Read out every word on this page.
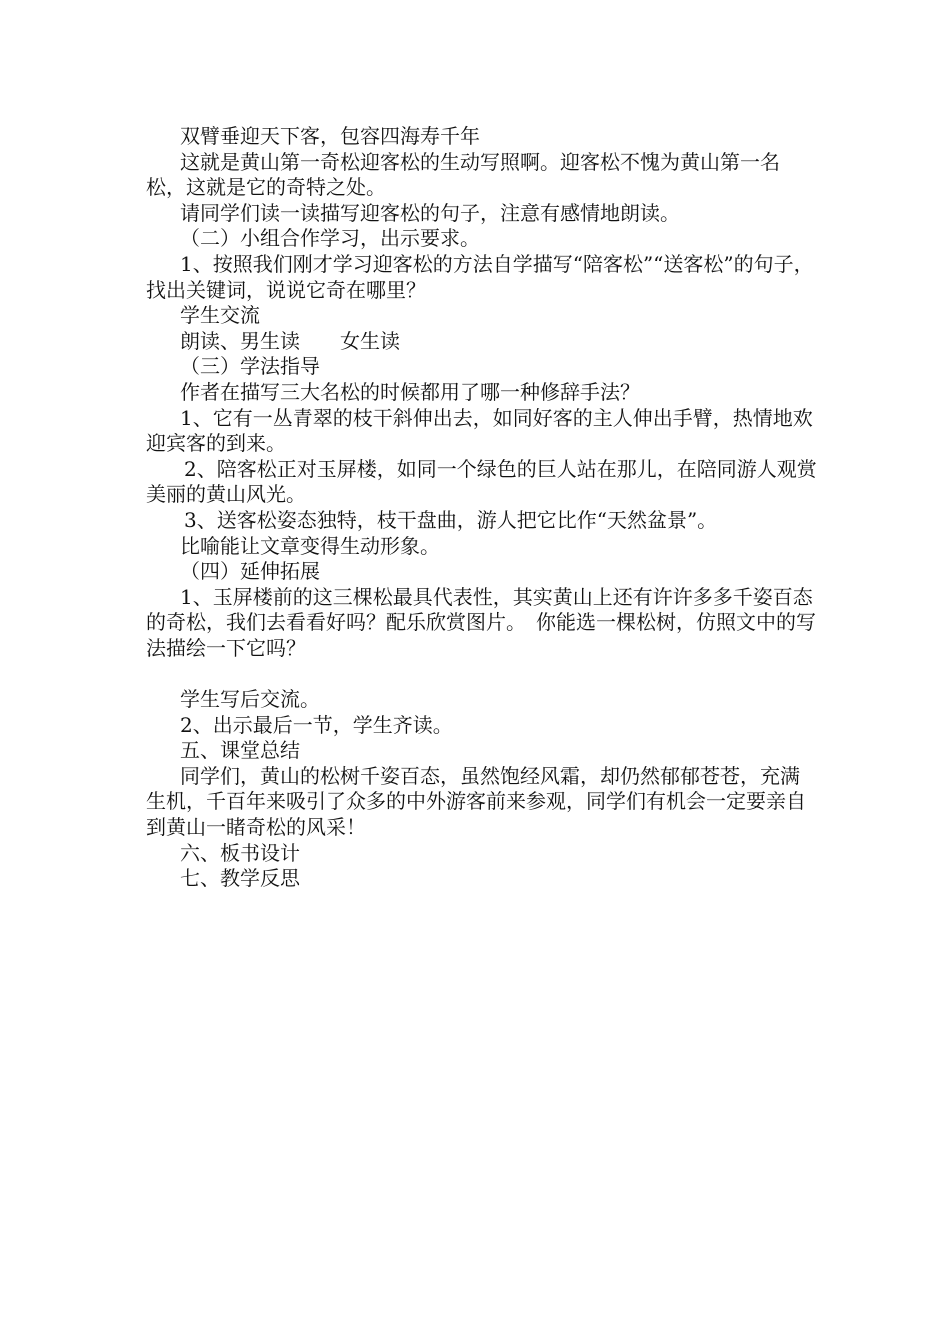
双臂垂迎天下客，包容四海寿千年

这就是黄山第一奇松迎客松的生动写照啊。迎客松不愧为黄山第一名松，这就是它的奇特之处。

请同学们读一读描写迎客松的句子，注意有感情地朗读。

（二）小组合作学习，出示要求。

1、按照我们刚才学习迎客松的方法自学描写“陪客松”“送客松”的句子，找出关键词，说说它奇在哪里？

学生交流

朗读、男生读　　女生读

（三）学法指导

作者在描写三大名松的时候都用了哪一种修辞手法？

1、它有一丛青翠的枝干斜伸出去，如同好客的主人伸出手臂，热情地欢迎宾客的到来。

2、陪客松正对玉屏楼，如同一个绿色的巨人站在那儿，在陪同游人观赏美丽的黄山风光。

3、送客松姿态独特，枝干盘曲，游人把它比作“天然盆景”。

比喻能让文章变得生动形象。

（四）延伸拓展

1、玉屏楼前的这三棵松最具代表性，其实黄山上还有许许多多千姿百态的奇松，我们去看看好吗？配乐欣赏图片。　你能选一棵松树，仿照文中的写法描绘一下它吗？

学生写后交流。

2、出示最后一节，学生齐读。

五、课堂总结

同学们，黄山的松树千姿百态，虽然饱经风霜，却仍然郁郁苍苍，充满生机，千百年来吸引了众多的中外游客前来参观，同学们有机会一定要亲自到黄山一睹奇松的风采！

六、板书设计

七、教学反思
